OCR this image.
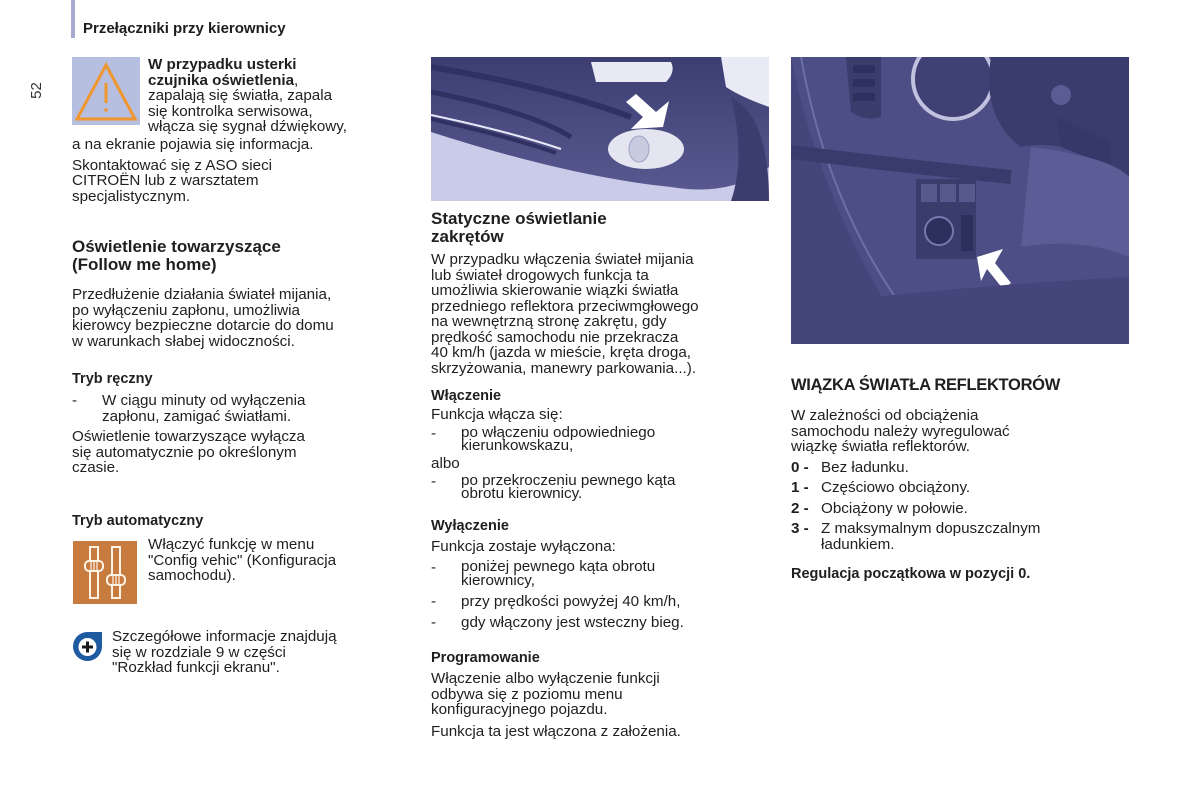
Przełączniki przy kierownicy
52

W przypadku usterki

czujnika oświetlenia,

zapalają się światła, zapala

się kontrolka serwisowa,

włącza się sygnał dźwiękowy,

a na ekranie pojawia się informacja.

Skontaktować się z ASO sieci

CITROËN lub z warsztatem

specjalistycznym.

Oświetlenie towarzyszące
(Follow me home)

Przedłużenie działania świateł mijania,

po wyłączeniu zapłonu, umożliwia

kierowcy bezpieczne dotarcie do domu

w warunkach słabej widoczności.

Tryb ręczny
-	W ciągu minuty od wyłączenia

zapłonu, zamigać światłami.

Oświetlenie towarzyszące wyłącza

się automatycznie po określonym

czasie.

Tryb automatyczny

Włączyć funkcję w menu

"Config vehic" (Konfiguracja

samochodu).

Szczegółowe informacje znajdują

się w rozdziale 9 w części

"Rozkład funkcji ekranu".

Statyczne oświetlanie
zakrętów

W przypadku włączenia świateł mijania

lub świateł drogowych funkcja ta

umożliwia skierowanie wiązki światła

przedniego reflektora przeciwmgłowego

na wewnętrzną stronę zakrętu, gdy

prędkość samochodu nie przekracza

40 km/h (jazda w mieście, kręta droga,

skrzyżowania, manewry parkowania...).

Włączenie

Funkcja włącza się:

-	po włączeniu odpowiedniego

kierunkowskazu,

albo

-	po przekroczeniu pewnego kąta

obrotu kierownicy.

Wyłączenie

Funkcja zostaje wyłączona:

-	poniżej pewnego kąta obrotu

kierownicy,

-	przy prędkości powyżej 40 km/h,

-	gdy włączony jest wsteczny bieg.

Programowanie

Włączenie albo wyłączenie funkcji

odbywa się z poziomu menu

konfiguracyjnego pojazdu.

Funkcja ta jest włączona z założenia.

WIĄZKA ŚWIATŁA REFLEKTORÓW

W zależności od obciążenia

samochodu należy wyregulować

wiązkę światła reflektorów.

0 - Bez ładunku.

1 - Częściowo obciążony.

2 - Obciążony w połowie.

3 - Z maksymalnym dopuszczalnym

ładunkiem.

Regulacja początkowa w pozycji 0.
